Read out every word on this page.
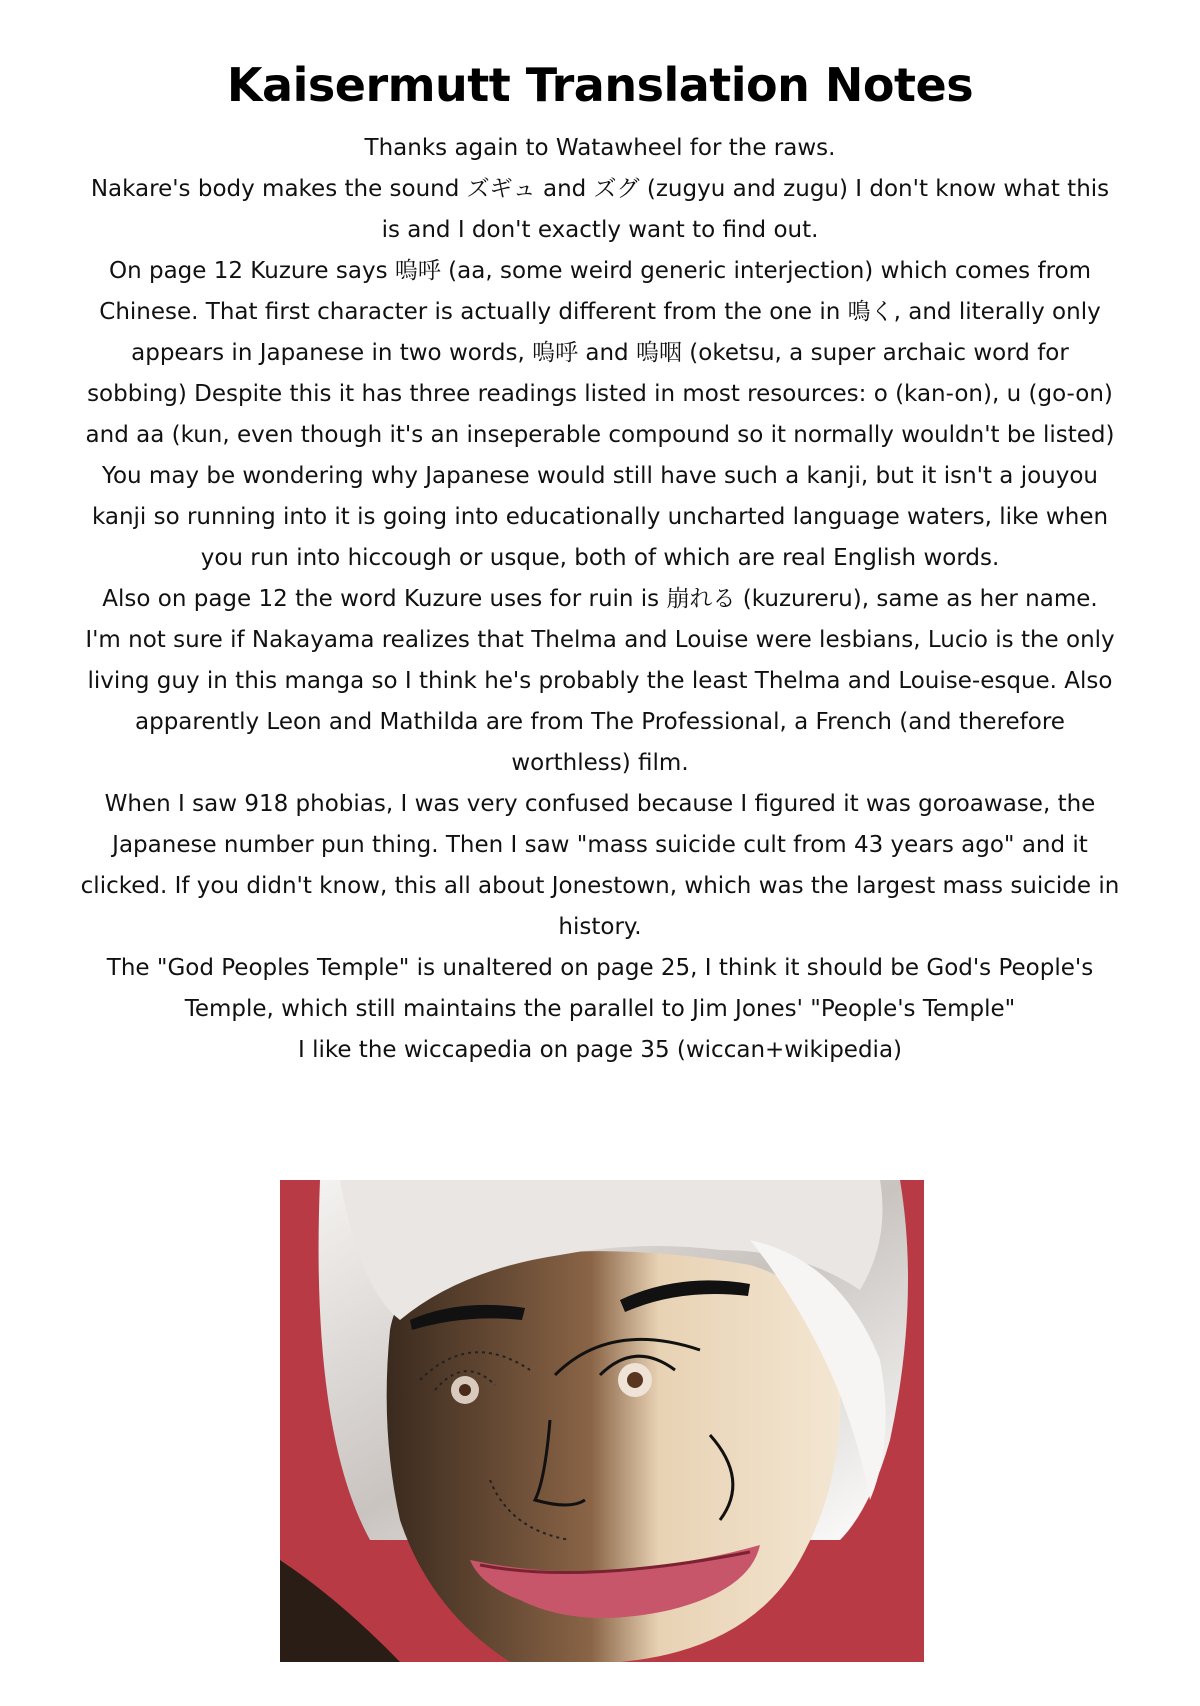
Kaisermutt Translation Notes

Thanks again to Watawheel for the raws.

Nakare's body makes the sound ズギュ and ズグ (zugyu and zugu) I don't know what this is and I don't exactly want to find out.

On page 12 Kuzure says 嗚呼 (aa, some weird generic interjection) which comes from Chinese. That first character is actually different from the one in 鳴く, and literally only appears in Japanese in two words, 嗚呼 and 嗚咽 (oketsu, a super archaic word for sobbing) Despite this it has three readings listed in most resources: o (kan-on), u (go-on) and aa (kun, even though it's an inseperable compound so it normally wouldn't be listed) You may be wondering why Japanese would still have such a kanji, but it isn't a jouyou kanji so running into it is going into educationally uncharted language waters, like when you run into hiccough or usque, both of which are real English words.

Also on page 12 the word Kuzure uses for ruin is 崩れる (kuzureru), same as her name.

I'm not sure if Nakayama realizes that Thelma and Louise were lesbians, Lucio is the only living guy in this manga so I think he's probably the least Thelma and Louise-esque. Also apparently Leon and Mathilda are from The Professional, a French (and therefore worthless) film.

When I saw 918 phobias, I was very confused because I figured it was goroawase, the Japanese number pun thing. Then I saw "mass suicide cult from 43 years ago" and it clicked. If you didn't know, this all about Jonestown, which was the largest mass suicide in history.

The "God Peoples Temple" is unaltered on page 25, I think it should be God's People's Temple, which still maintains the parallel to Jim Jones' "People's Temple"

I like the wiccapedia on page 35 (wiccan+wikipedia)
